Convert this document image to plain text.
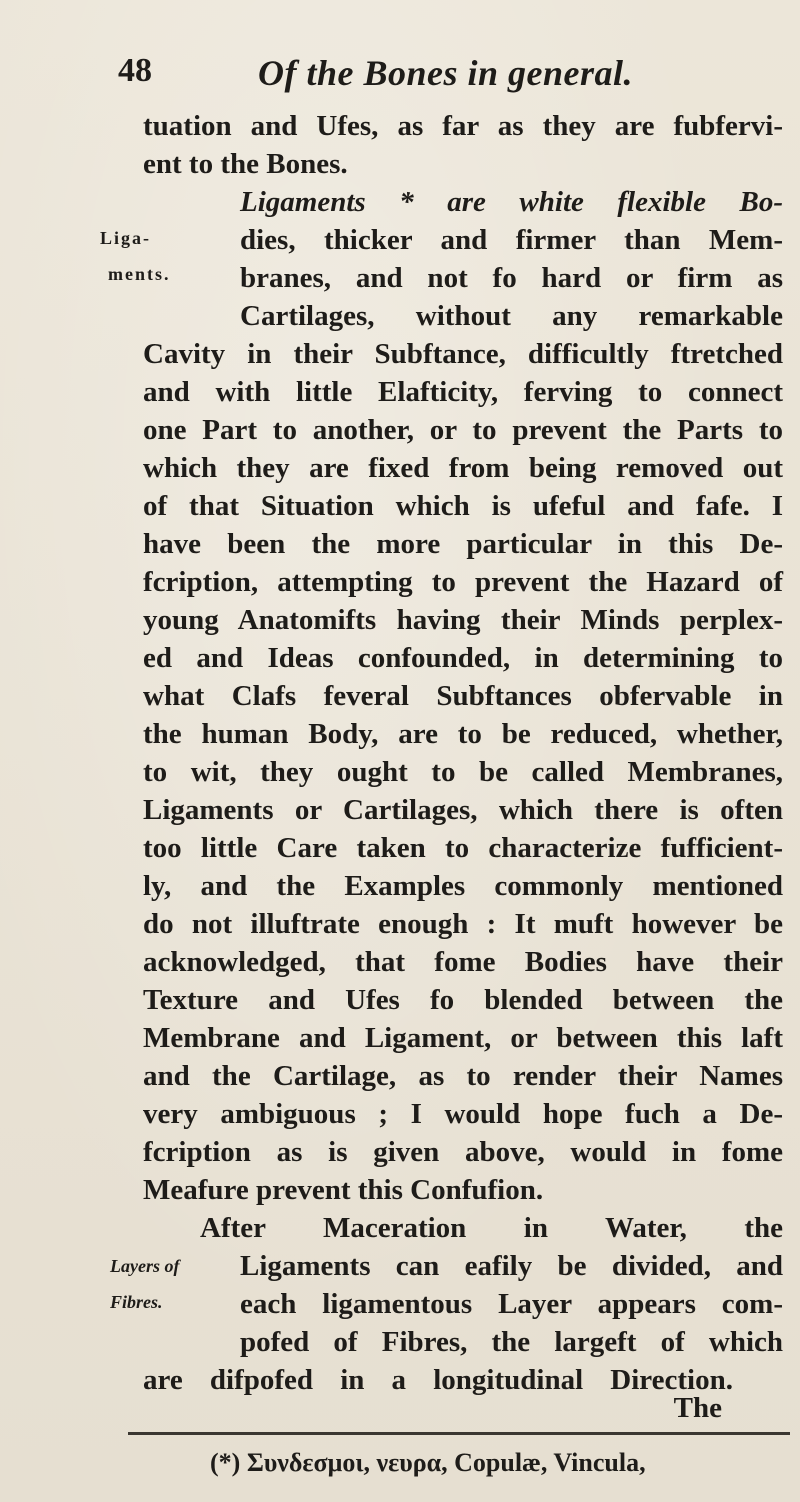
48	Of the Bones in general.
tuation and Ufes, as far as they are fubfervi-
ent to the Bones.
Ligaments * are white flexible Bo-
dies, thicker and firmer than Mem-
branes, and not fo hard or firm as
Cartilages, without any remarkable
Liga-
ments.
Cavity in their Subftance, difficultly ftretched
and with little Elafticity, ferving to connect
one Part to another, or to prevent the Parts to
which they are fixed from being removed out
of that Situation which is ufeful and fafe. I
have been the more particular in this De-
fcription, attempting to prevent the Hazard of
young Anatomifts having their Minds perplex-
ed and Ideas confounded, in determining to
what Clafs feveral Subftances obfervable in
the human Body, are to be reduced, whether,
to wit, they ought to be called Membranes,
Ligaments or Cartilages, which there is often
too little Care taken to characterize fufficient-
ly, and the Examples commonly mentioned
do not illuftrate enough : It muft however be
acknowledged, that fome Bodies have their
Texture and Ufes fo blended between the
Membrane and Ligament, or between this laft
and the Cartilage, as to render their Names
very ambiguous ; I would hope fuch a De-
fcription as is given above, would in fome
Meafure prevent this Confufion.
After Maceration in Water, the
Ligaments can eafily be divided, and
each ligamentous Layer appears com-
pofed of Fibres, the largeft of which
Layers of
Fibres.
are difpofed in a longitudinal Direction.
The
(*) Συνδεσμοι, νευρα, Copulæ, Vincula,
